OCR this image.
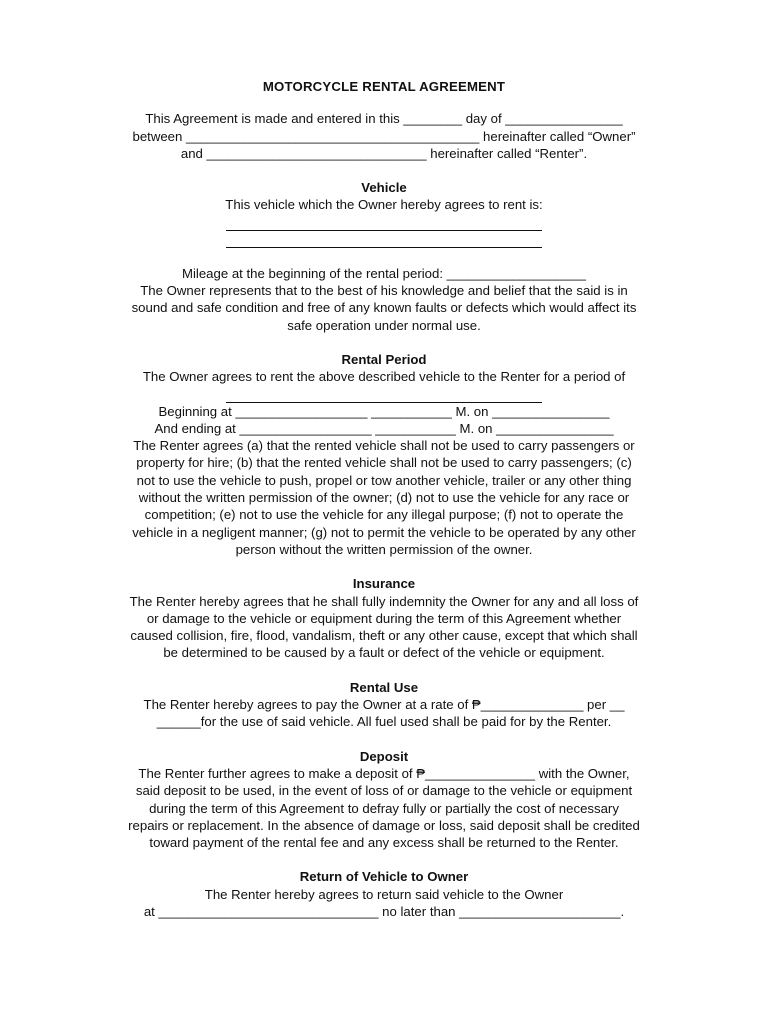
MOTORCYCLE RENTAL AGREEMENT

This Agreement is made and entered in this ________ day of ________________

between ________________________________________ hereinafter called “Owner”

and ______________________________ hereinafter called “Renter”.

Vehicle

This vehicle which the Owner hereby agrees to rent is:

Mileage at the beginning of the rental period: ___________________

The Owner represents that to the best of his knowledge and belief that the said is in

sound and safe condition and free of any known faults or defects which would affect its

safe operation under normal use.

Rental Period

The Owner agrees to rent the above described vehicle to the Renter for a period of

Beginning at __________________ ___________ M. on ________________

And ending at __________________ ___________ M. on ________________

The Renter agrees (a) that the rented vehicle shall not be used to carry passengers or

property for hire; (b) that the rented vehicle shall not be used to carry passengers; (c)

not to use the vehicle to push, propel or tow another vehicle, trailer or any other thing

without the written permission of the owner; (d) not to use the vehicle for any race or

competition; (e) not to use the vehicle for any illegal purpose; (f) not to operate the

vehicle in a negligent manner; (g) not to permit the vehicle to be operated by any other

person without the written permission of the owner.

Insurance

The Renter hereby agrees that he shall fully indemnity the Owner for any and all loss of

or damage to the vehicle or equipment during the term of this Agreement whether

caused collision, fire, flood, vandalism, theft or any other cause, except that which shall

be determined to be caused by a fault or defect of the vehicle or equipment.

Rental Use

The Renter hereby agrees to pay the Owner at a rate of ₱______________ per __

______for the use of said vehicle. All fuel used shall be paid for by the Renter.

Deposit

The Renter further agrees to make a deposit of ₱_______________ with the Owner,

said deposit to be used, in the event of loss of or damage to the vehicle or equipment

during the term of this Agreement to defray fully or partially the cost of necessary

repairs or replacement. In the absence of damage or loss, said deposit shall be credited

toward payment of the rental fee and any excess shall be returned to the Renter.

Return of Vehicle to Owner

The Renter hereby agrees to return said vehicle to the Owner

at ______________________________ no later than ______________________.
